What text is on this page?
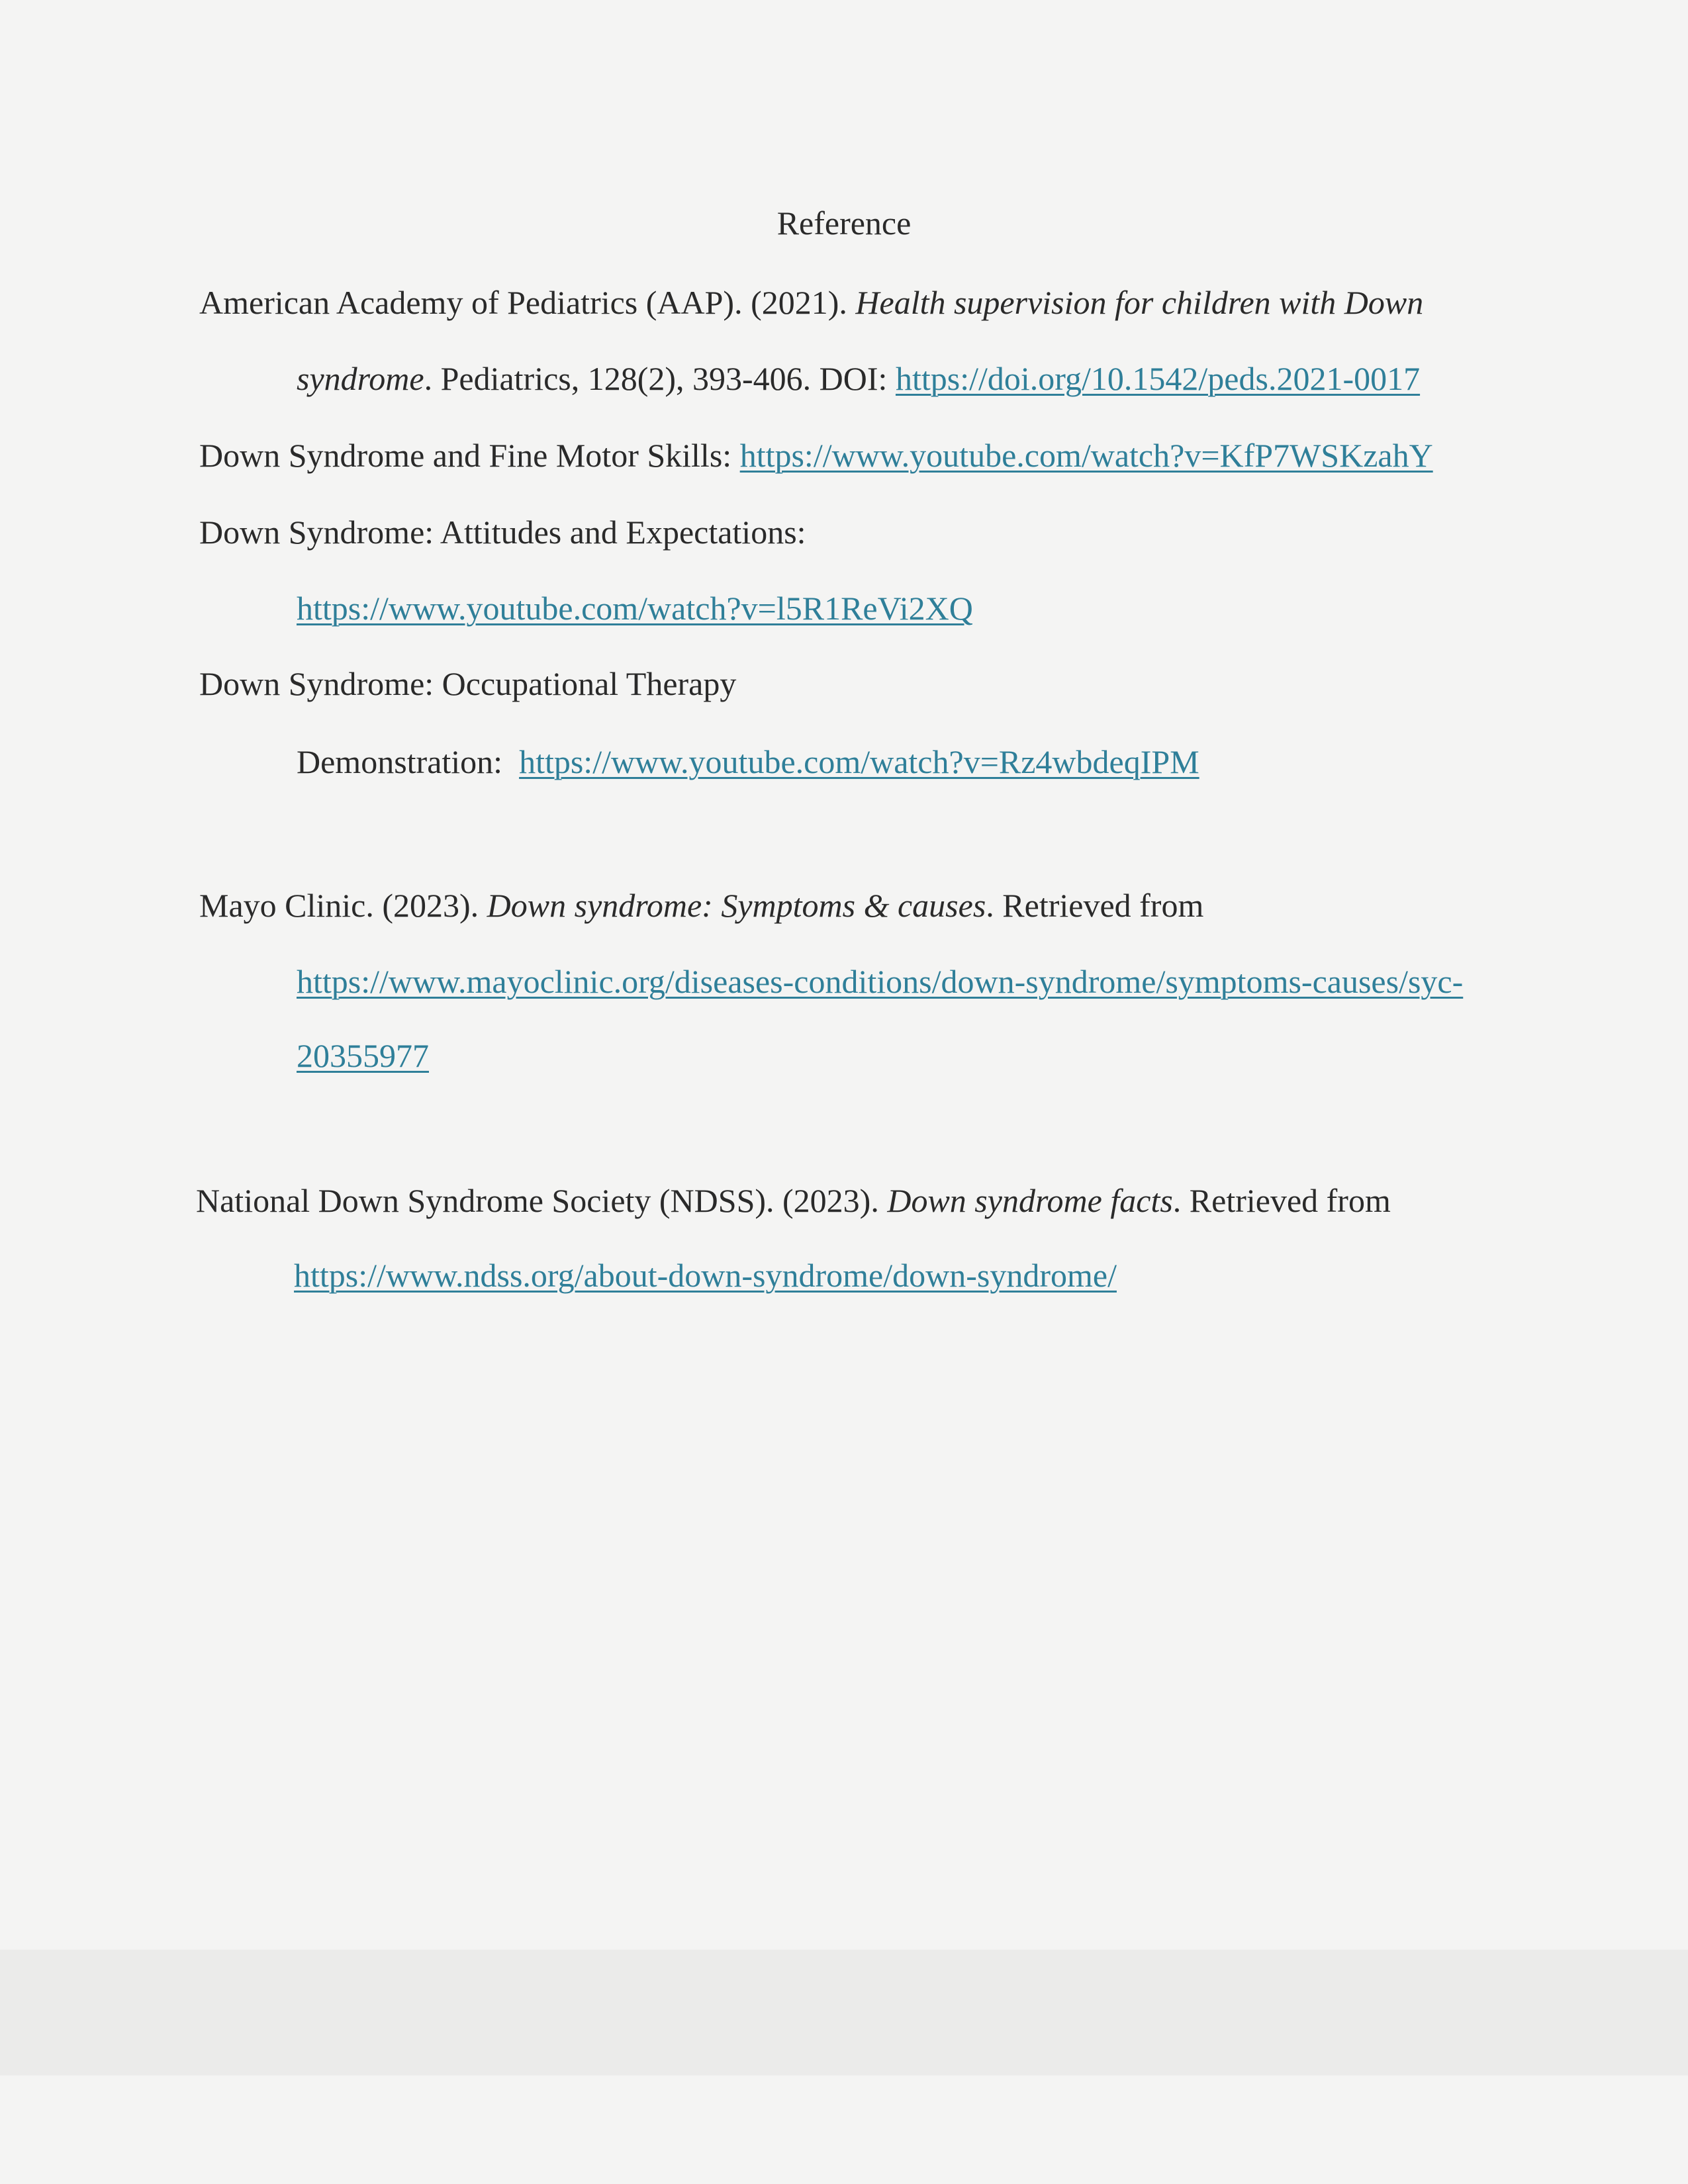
Reference
American Academy of Pediatrics (AAP). (2021). Health supervision for children with Down
syndrome. Pediatrics, 128(2), 393-406. DOI: https://doi.org/10.1542/peds.2021-0017
Down Syndrome and Fine Motor Skills: https://www.youtube.com/watch?v=KfP7WSKzahY
Down Syndrome: Attitudes and Expectations:
https://www.youtube.com/watch?v=l5R1ReVi2XQ
Down Syndrome: Occupational Therapy
Demonstration:  https://www.youtube.com/watch?v=Rz4wbdeqIPM
Mayo Clinic. (2023). Down syndrome: Symptoms & causes. Retrieved from
https://www.mayoclinic.org/diseases-conditions/down-syndrome/symptoms-causes/syc-
20355977
National Down Syndrome Society (NDSS). (2023). Down syndrome facts. Retrieved from
https://www.ndss.org/about-down-syndrome/down-syndrome/
